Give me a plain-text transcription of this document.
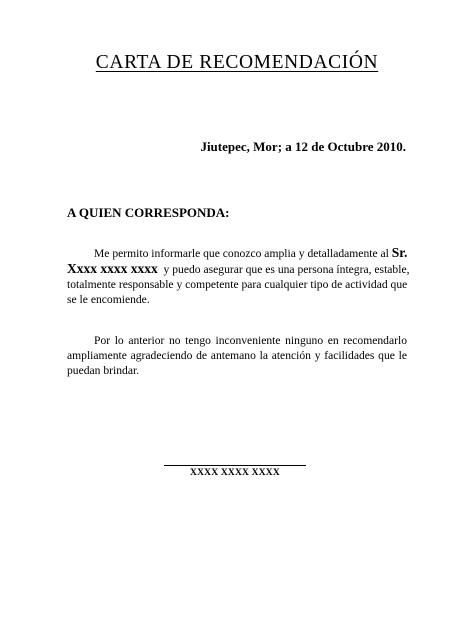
CARTA DE RECOMENDACIÓN
Jiutepec, Mor; a 12 de Octubre 2010.
A QUIEN CORRESPONDA:
Me permito informarle que conozco amplia y detalladamente al Sr.
Xxxx xxxx xxxx y puedo asegurar que es una persona íntegra, estable,
totalmente responsable y competente para cualquier tipo de actividad que
se le encomiende.
Por lo anterior no tengo inconveniente ninguno en recomendarlo
ampliamente agradeciendo de antemano la atención y facilidades que le
puedan brindar.
XXXX XXXX XXXX
